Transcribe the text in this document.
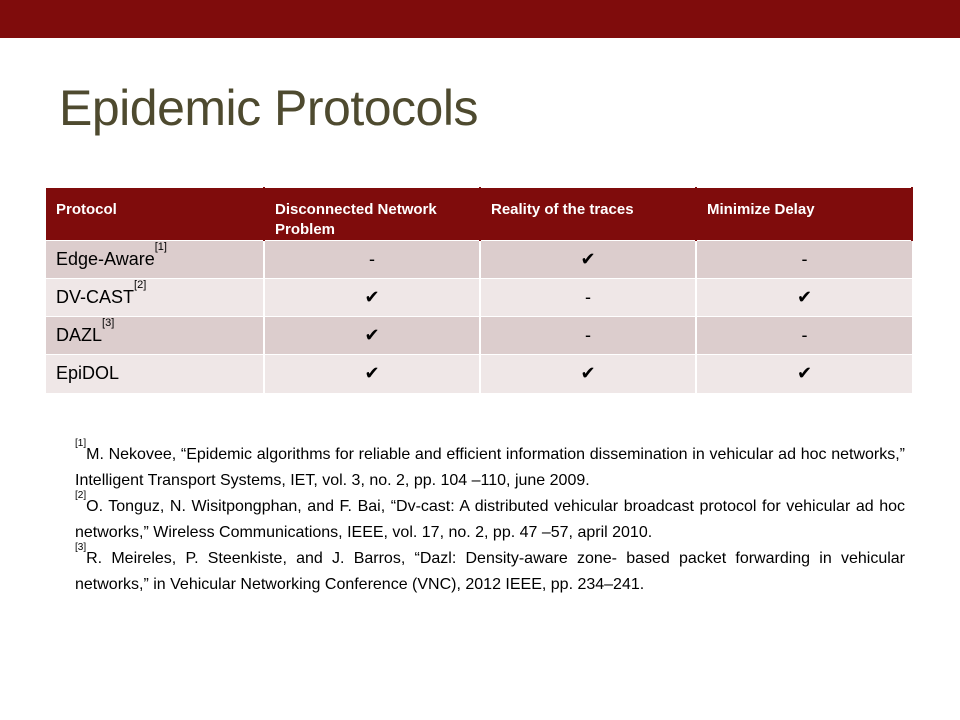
Epidemic Protocols
Protocol	Disconnected Network Problem	Reality of the traces	Minimize Delay
Edge-Aware[1]	-	✔	-
DV-CAST[2]	✔	-	✔
DAZL[3]	✔	-	-
EpiDOL	✔	✔	✔

[1]M. Nekovee, “Epidemic algorithms for reliable and efficient information dissemination in vehicular ad hoc networks,” Intelligent Transport Systems, IET, vol. 3, no. 2, pp. 104 –110, june 2009.

[2]O. Tonguz, N. Wisitpongphan, and F. Bai, “Dv-cast: A distributed vehicular broadcast protocol for vehicular ad hoc networks,” Wireless Communications, IEEE, vol. 17, no. 2, pp. 47 –57, april 2010.

[3]R. Meireles, P. Steenkiste, and J. Barros, “Dazl: Density-aware zone- based packet forwarding in vehicular networks,” in Vehicular Networking Conference (VNC), 2012 IEEE, pp. 234–241.
